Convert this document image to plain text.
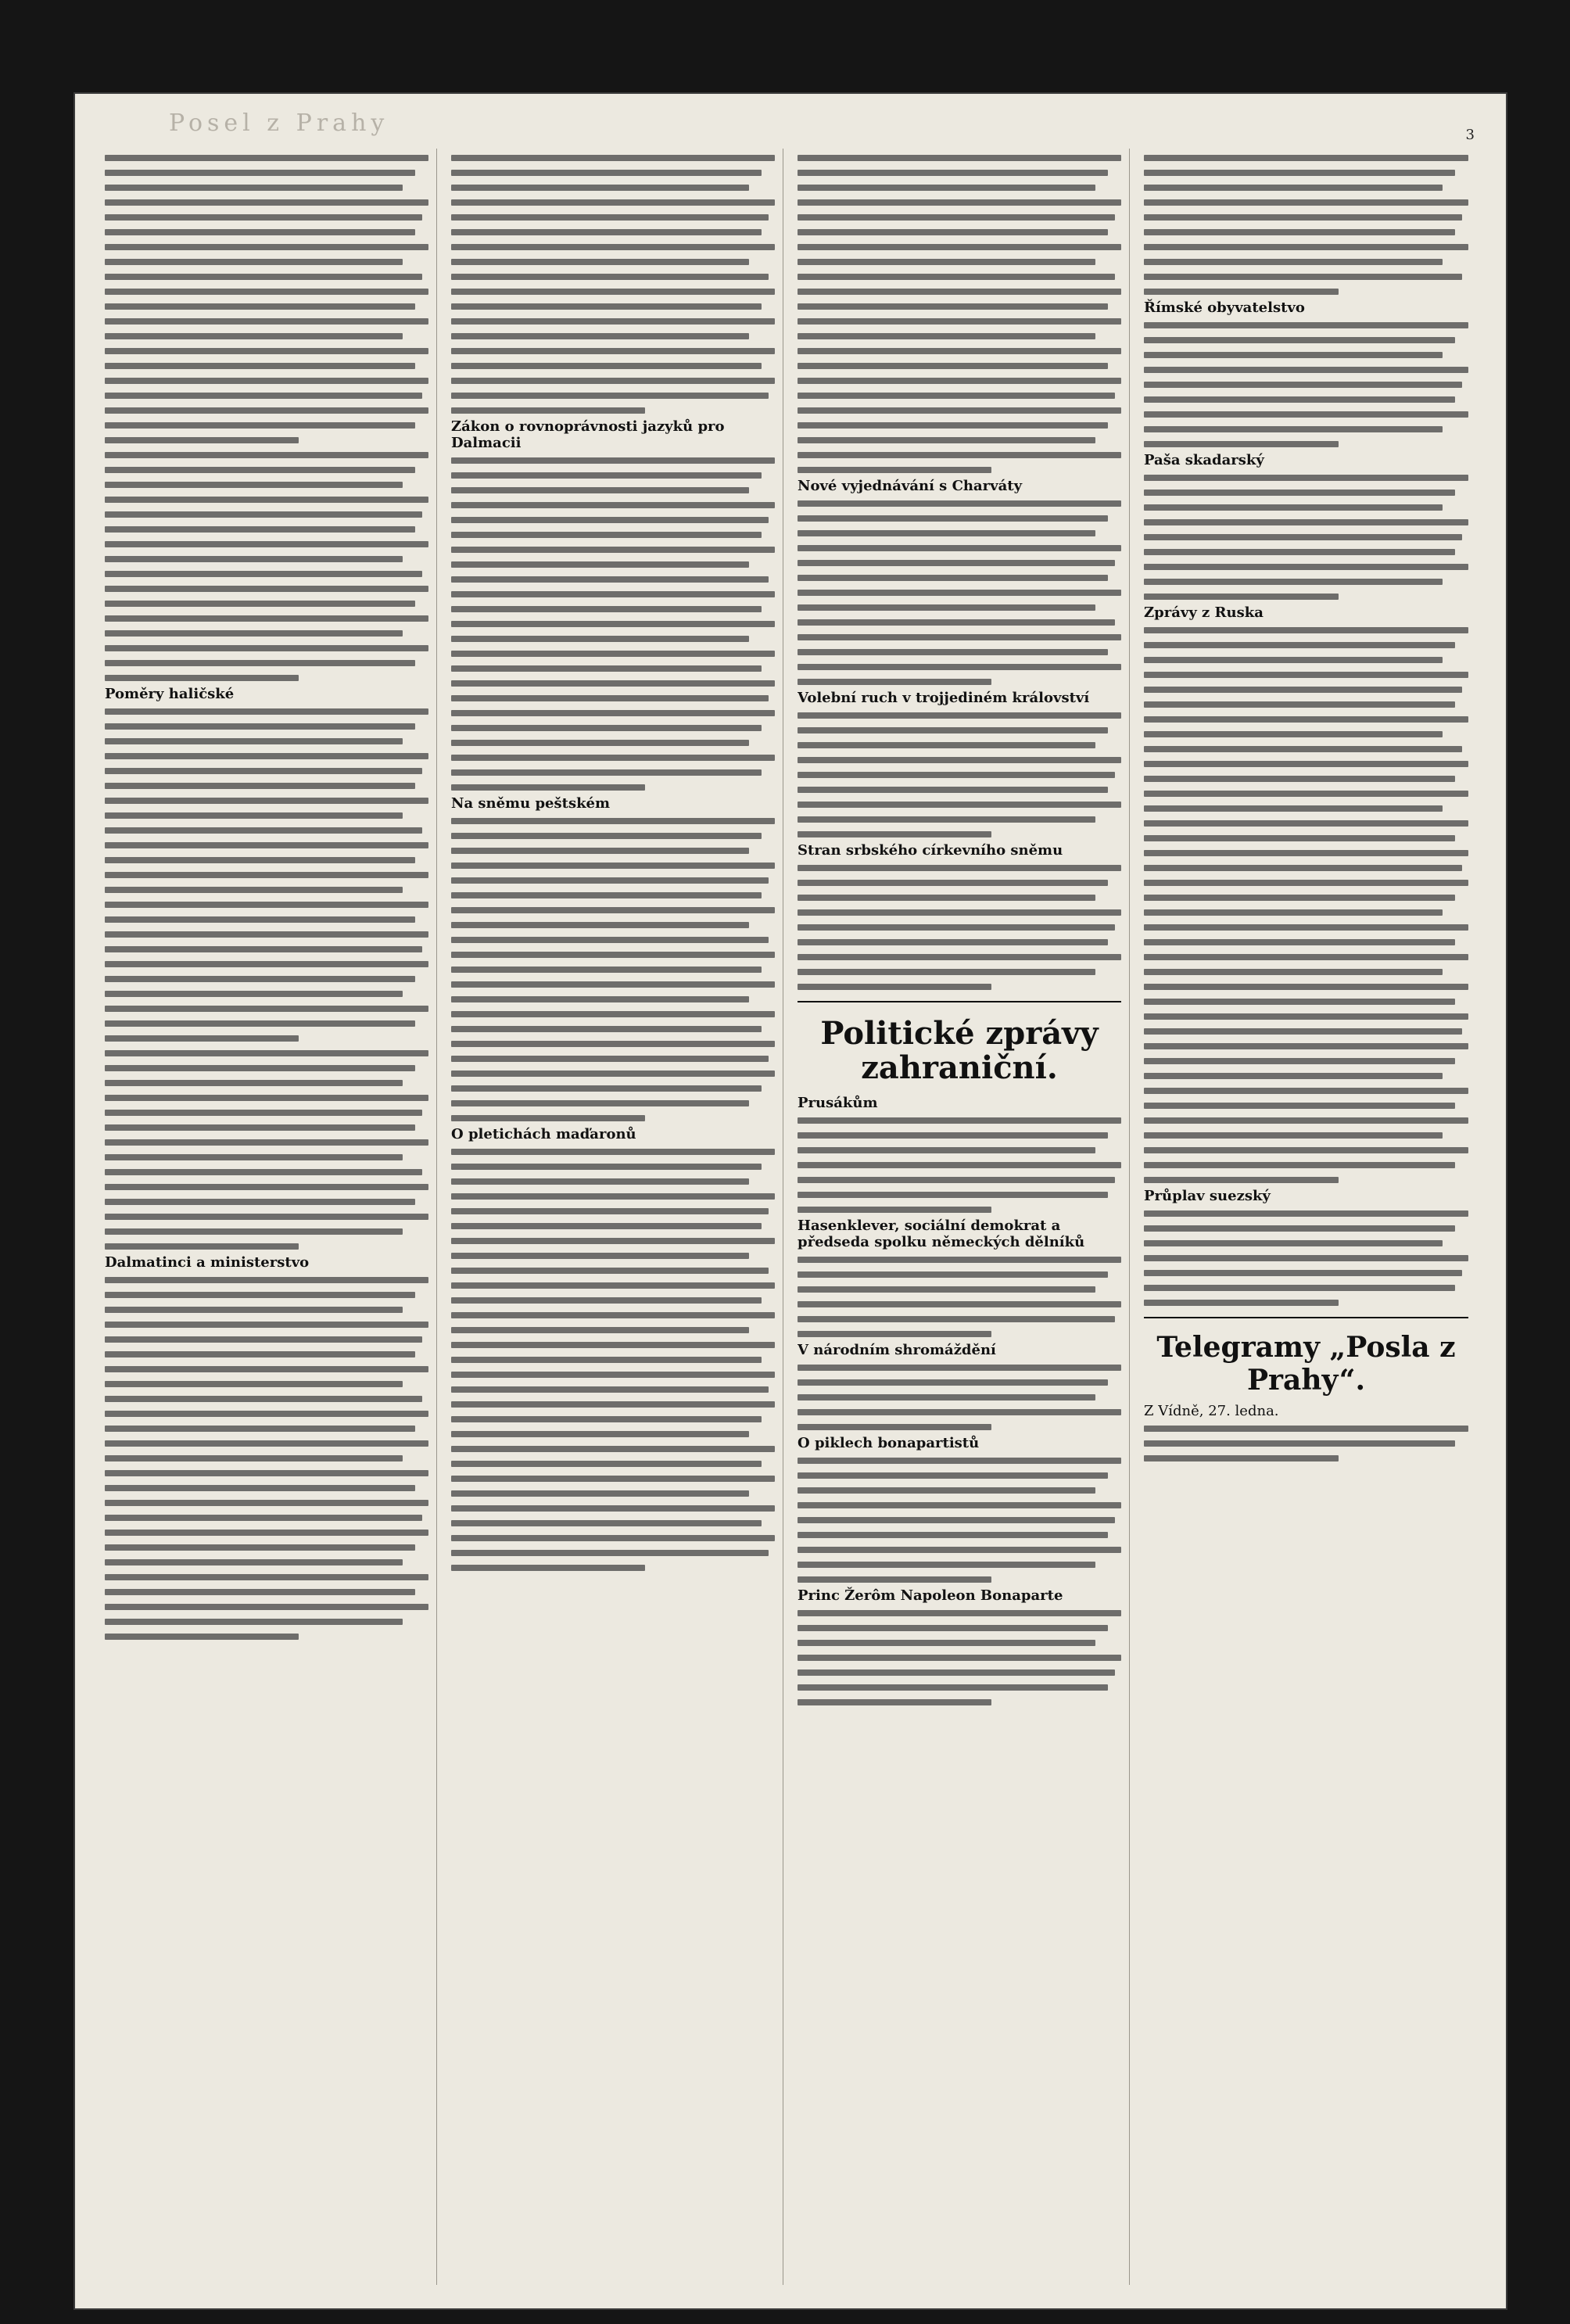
Posel z Prahy	3
Poměry haličské
Dalmatinci a ministerstvo
Zákon o rovnoprávnosti jazyků pro Dalmacii
Na sněmu peštském
O pletichách maďaronů
Nové vyjednávání s Charváty
Volební ruch v trojjediném království
Stran srbského církevního sněmu
Politické zprávy zahraniční.
Prusákům
Hasenklever, sociální demokrat a předseda spolku německých dělníků
V národním shromáždění
O piklech bonapartistů
Princ Žerôm Napoleon Bonaparte
Římské obyvatelstvo
Paša skadarský
Zprávy z Ruska
Průplav suezský
Telegramy „Posla z Prahy“.
Z Vídně, 27. ledna.
